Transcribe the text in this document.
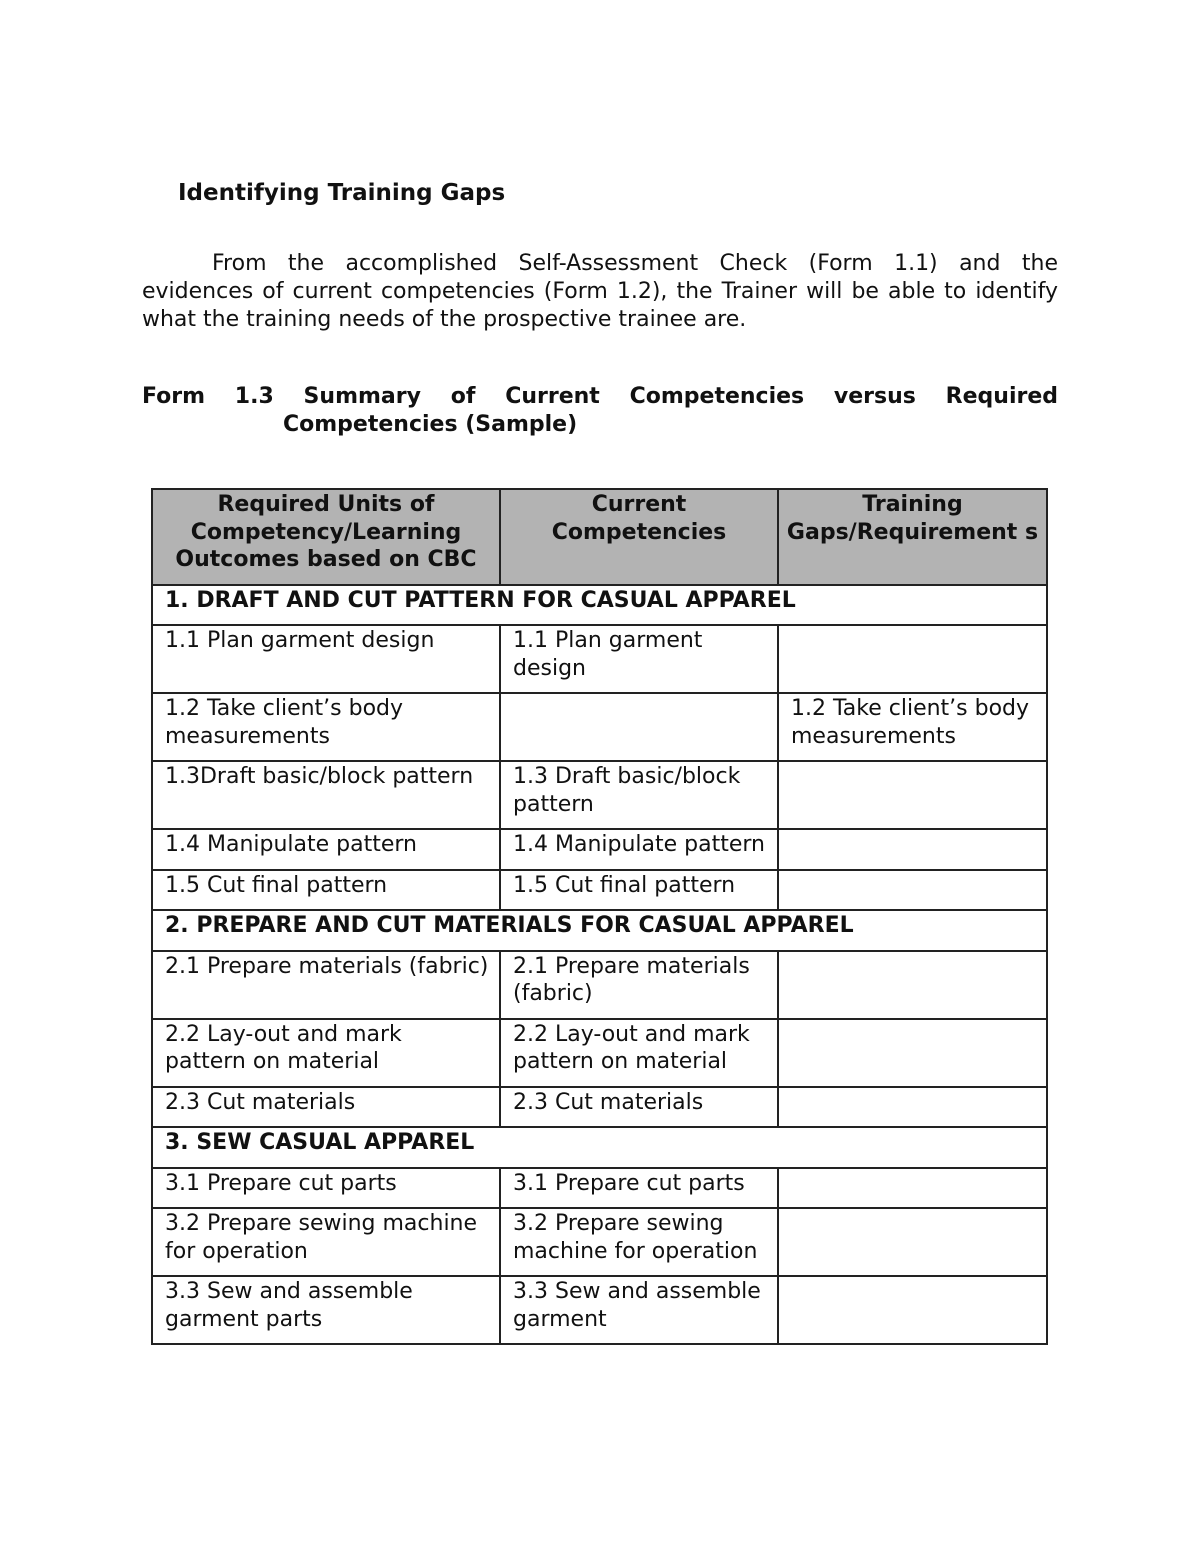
Identifying Training Gaps

From the accomplished Self-Assessment Check (Form 1.1) and the evidences of current competencies (Form 1.2), the Trainer will be able to identify what the training needs of the prospective trainee are.

Form 1.3 Summary of Current Competencies versus Required
Competencies (Sample)
Required Units of Competency/Learning Outcomes based on CBC	Current Competencies	Training Gaps/Requirement s
1. DRAFT AND CUT PATTERN FOR CASUAL APPAREL		
1.1 Plan garment design	1.1 Plan garment design	
1.2 Take client’s body measurements		1.2 Take client’s body measurements
1.3Draft basic/block pattern	1.3 Draft basic/block pattern	
1.4 Manipulate pattern	1.4 Manipulate pattern	
1.5 Cut final pattern	1.5 Cut final pattern	
2. PREPARE AND CUT MATERIALS FOR CASUAL APPAREL		
2.1 Prepare materials (fabric)	2.1 Prepare materials (fabric)	
2.2 Lay-out and mark pattern on material	2.2 Lay-out and mark pattern on material	
2.3 Cut materials	2.3 Cut materials	
3. SEW CASUAL APPAREL		
3.1 Prepare cut parts	3.1 Prepare cut parts	
3.2 Prepare sewing machine for operation	3.2 Prepare sewing machine for operation	
3.3 Sew and assemble garment parts	3.3 Sew and assemble garment	
